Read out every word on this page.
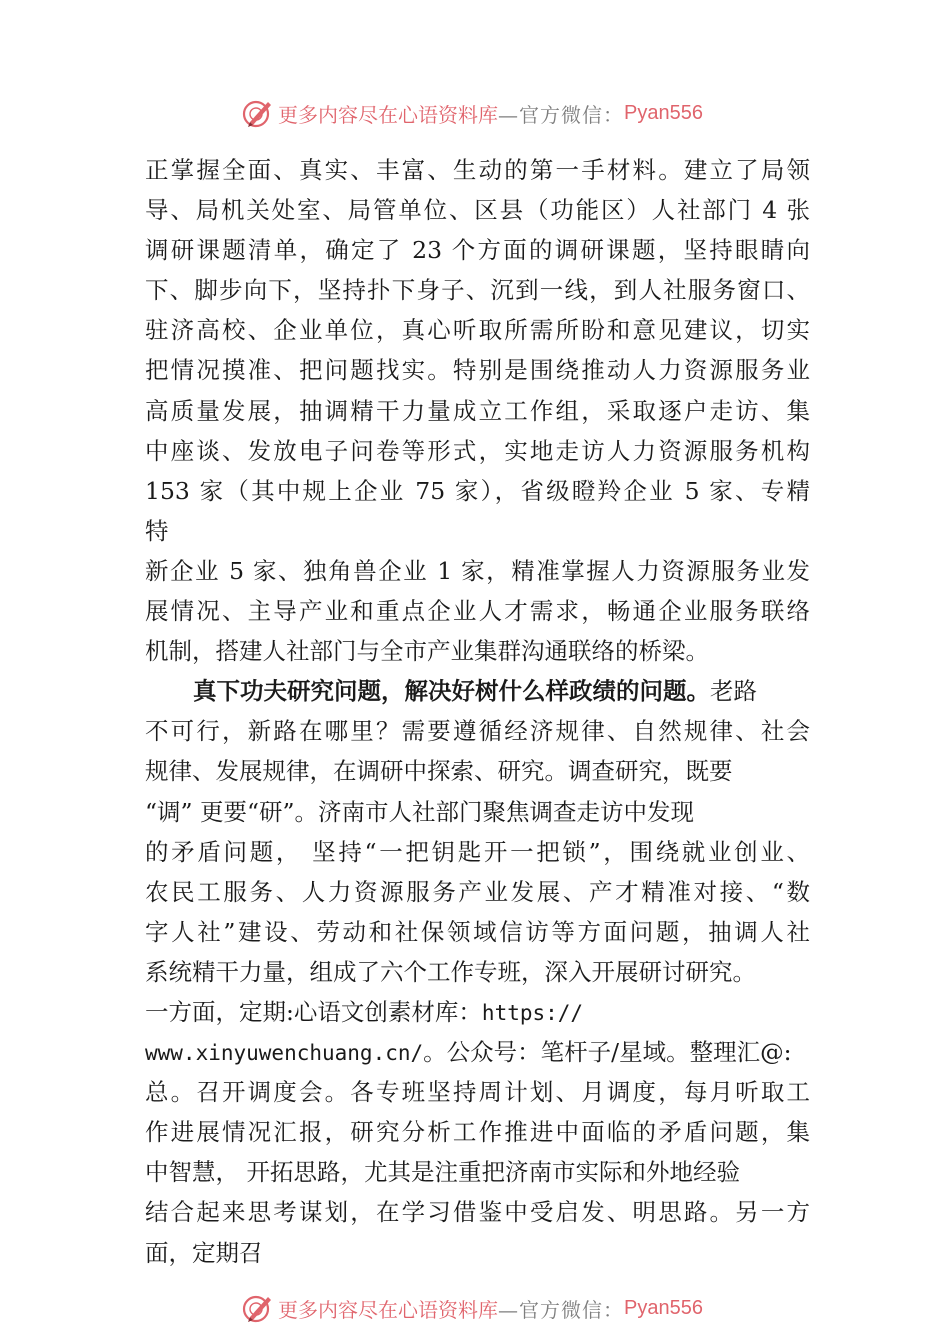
更多内容尽在心语资料库 —官方微信： Pyan556
正掌握全面、真实、丰富、生动的第一手材料。建立了局领
导、局机关处室、局管单位、区县（功能区）人社部门 4 张
调研课题清单，确定了 23 个方面的调研课题，坚持眼睛向
下、脚步向下，坚持扑下身子、沉到一线，到人社服务窗口、
驻济高校、企业单位，真心听取所需所盼和意见建议，切实
把情况摸准、把问题找实。特别是围绕推动人力资源服务业
高质量发展，抽调精干力量成立工作组，采取逐户走访、集
中座谈、发放电子问卷等形式，实地走访人力资源服务机构
153 家（其中规上企业 75 家），省级瞪羚企业 5 家、专精
特
新企业 5 家、独角兽企业 1 家，精准掌握人力资源服务业发
展情况、主导产业和重点企业人才需求，畅通企业服务联络
机制，搭建人社部门与全市产业集群沟通联络的桥梁。
真下功夫研究问题，解决好树什么样政绩的问题。老路
不可行，新路在哪里？需要遵循经济规律、自然规律、社会
规律、发展规律，在调研中探索、研究。调查研究，既要
“调” 更要“研”。济南市人社部门聚焦调查走访中发现
的矛盾问题， 坚持“一把钥匙开一把锁”，围绕就业创业、
农民工服务、人力资源服务产业发展、产才精准对接、“数
字人社”建设、劳动和社保领域信访等方面问题，抽调人社
系统精干力量，组成了六个工作专班，深入开展研讨研究。
一方面，定期:心语文创素材库：https://
www.xinyuwenchuang.cn/。公众号：笔杆子/星域。整理汇@:
总。召开调度会。各专班坚持周计划、月调度，每月听取工
作进展情况汇报，研究分析工作推进中面临的矛盾问题，集
中智慧， 开拓思路，尤其是注重把济南市实际和外地经验
结合起来思考谋划，在学习借鉴中受启发、明思路。另一方
面，定期召
更多内容尽在心语资料库 —官方微信： Pyan556
